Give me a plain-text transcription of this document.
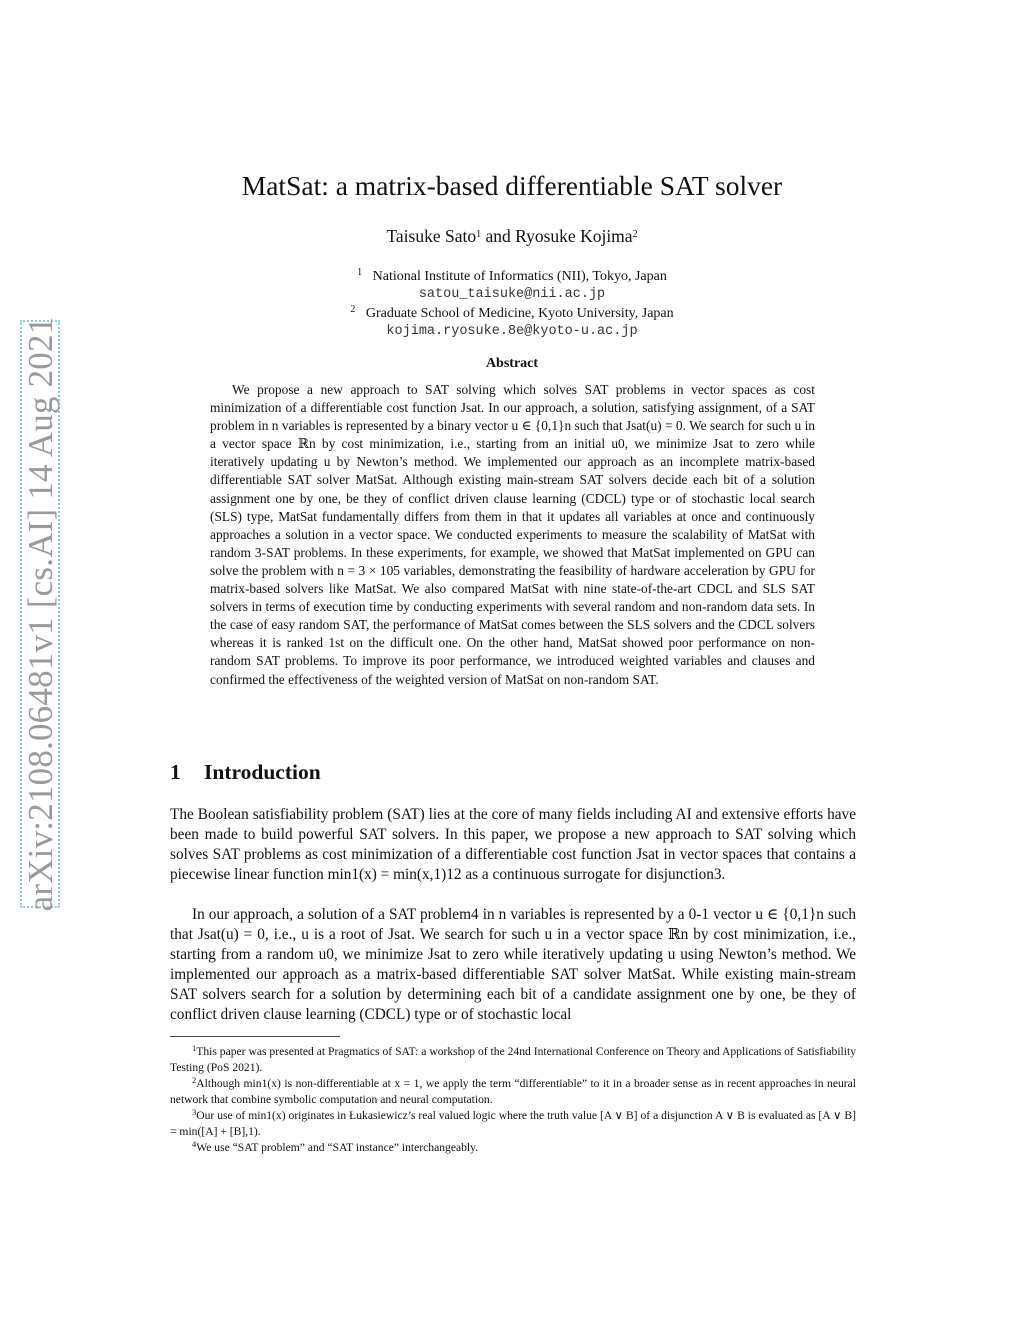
arXiv:2108.06481v1 [cs.AI] 14 Aug 2021
MatSat: a matrix-based differentiable SAT solver
Taisuke Sato$^1$ and Ryosuke Kojima$^2$
$^1$ National Institute of Informatics (NII), Tokyo, Japan
satou_taisuke@nii.ac.jp
$^2$ Graduate School of Medicine, Kyoto University, Japan
kojima.ryosuke.8e@kyoto-u.ac.jp
Abstract

We propose a new approach to SAT solving which solves SAT problems in vector spaces as cost minimization of a differentiable cost function Jsat. In our approach, a solution, satisfying assignment, of a SAT problem in n variables is represented by a binary vector u ∈ {0,1}n such that Jsat(u) = 0. We search for such u in a vector space ℝn by cost minimization, i.e., starting from an initial u0, we minimize Jsat to zero while iteratively updating u by Newton’s method. We implemented our approach as an incomplete matrix-based differentiable SAT solver MatSat. Although existing main-stream SAT solvers decide each bit of a solution assignment one by one, be they of conflict driven clause learning (CDCL) type or of stochastic local search (SLS) type, MatSat fundamentally differs from them in that it updates all variables at once and continuously approaches a solution in a vector space. We conducted experiments to measure the scalability of MatSat with random 3-SAT problems. In these experiments, for example, we showed that MatSat implemented on GPU can solve the problem with n = 3 × 105 variables, demonstrating the feasibility of hardware acceleration by GPU for matrix-based solvers like MatSat. We also compared MatSat with nine state-of-the-art CDCL and SLS SAT solvers in terms of execution time by conducting experiments with several random and non-random data sets. In the case of easy random SAT, the performance of MatSat comes between the SLS solvers and the CDCL solvers whereas it is ranked 1st on the difficult one. On the other hand, MatSat showed poor performance on non-random SAT problems. To improve its poor performance, we introduced weighted variables and clauses and confirmed the effectiveness of the weighted version of MatSat on non-random SAT.

1 Introduction

The Boolean satisfiability problem (SAT) lies at the core of many fields including AI and extensive efforts have been made to build powerful SAT solvers. In this paper, we propose a new approach to SAT solving which solves SAT problems as cost minimization of a differentiable cost function Jsat in vector spaces that contains a piecewise linear function min1(x) = min(x,1)12 as a continuous surrogate for disjunction3.

In our approach, a solution of a SAT problem4 in n variables is represented by a 0-1 vector u ∈ {0,1}n such that Jsat(u) = 0, i.e., u is a root of Jsat. We search for such u in a vector space ℝn by cost minimization, i.e., starting from a random u0, we minimize Jsat to zero while iteratively updating u using Newton’s method. We implemented our approach as a matrix-based differentiable SAT solver MatSat. While existing main-stream SAT solvers search for a solution by determining each bit of a candidate assignment one by one, be they of conflict driven clause learning (CDCL) type or of stochastic local

$^1$This paper was presented at Pragmatics of SAT: a workshop of the 24nd International Conference on Theory and Applications of Satisfiability Testing (PoS 2021).

$^2$Although min1(x) is non-differentiable at x = 1, we apply the term “differentiable” to it in a broader sense as in recent approaches in neural network that combine symbolic computation and neural computation.

$^3$Our use of min1(x) originates in Łukasiewicz’s real valued logic where the truth value [A ∨ B] of a disjunction A ∨ B is evaluated as [A ∨ B] = min([A] + [B],1).

$^4$We use “SAT problem” and “SAT instance” interchangeably.
